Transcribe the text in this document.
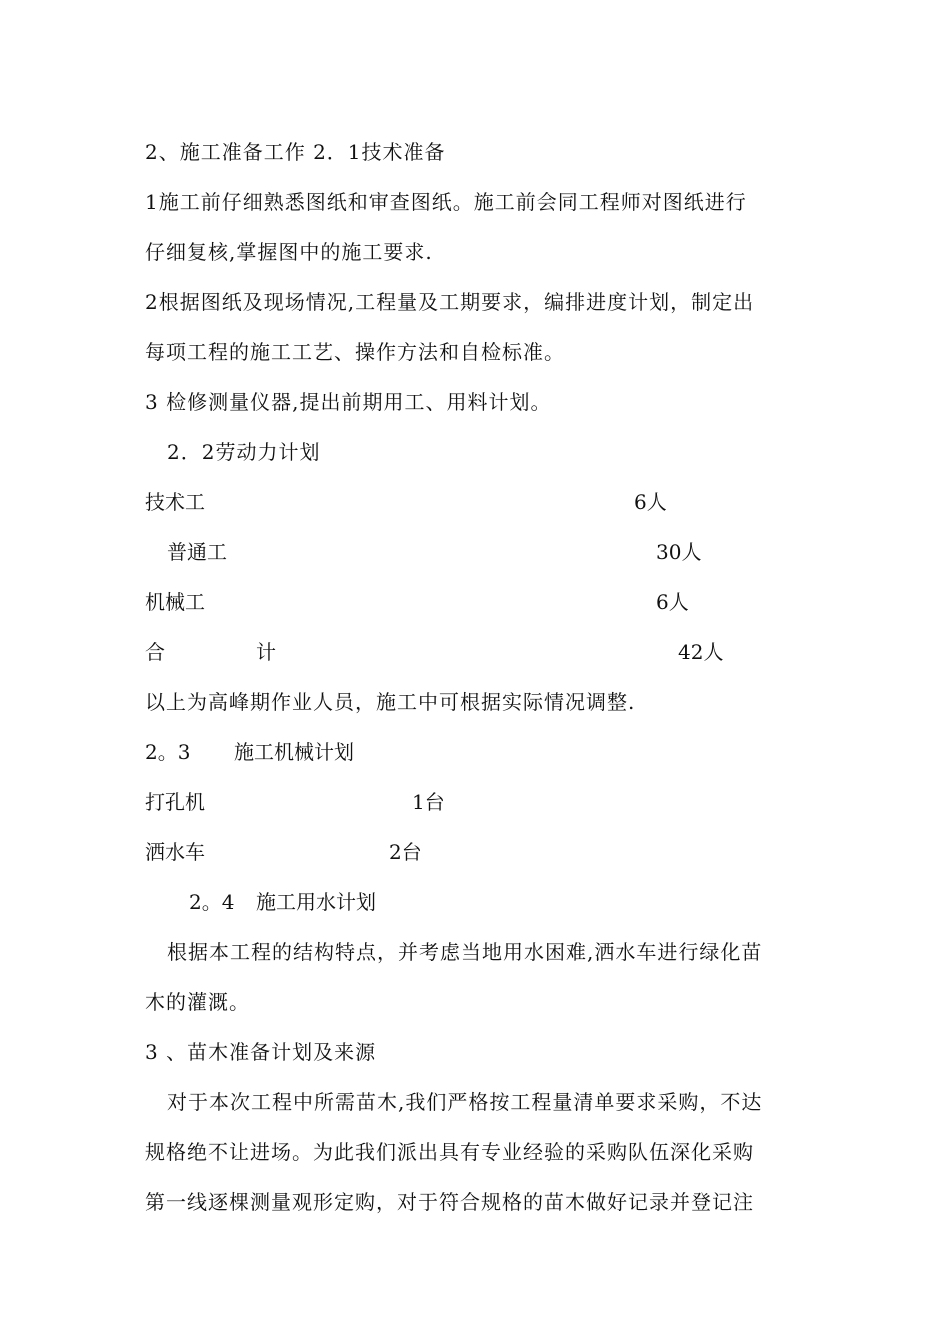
2、施工准备工作 2．1技术准备
1施工前仔细熟悉图纸和审查图纸。施工前会同工程师对图纸进行
仔细复核,掌握图中的施工要求.
2根据图纸及现场情况,工程量及工期要求，编排进度计划，制定出
每项工程的施工工艺、操作方法和自检标准。
3 检修测量仪器,提出前期用工、用料计划。
2．2劳动力计划
技术工	6人
普通工	30人
机械工	6人
合	计	42人
以上为高峰期作业人员，施工中可根据实际情况调整.
2。3 施工机械计划
打孔机	1台
洒水车	2台
2。4 施工用水计划
根据本工程的结构特点，并考虑当地用水困难,洒水车进行绿化苗
木的灌溉。
3 、苗木准备计划及来源
对于本次工程中所需苗木,我们严格按工程量清单要求采购，不达
规格绝不让进场。为此我们派出具有专业经验的采购队伍深化采购
第一线逐棵测量观形定购，对于符合规格的苗木做好记录并登记注
